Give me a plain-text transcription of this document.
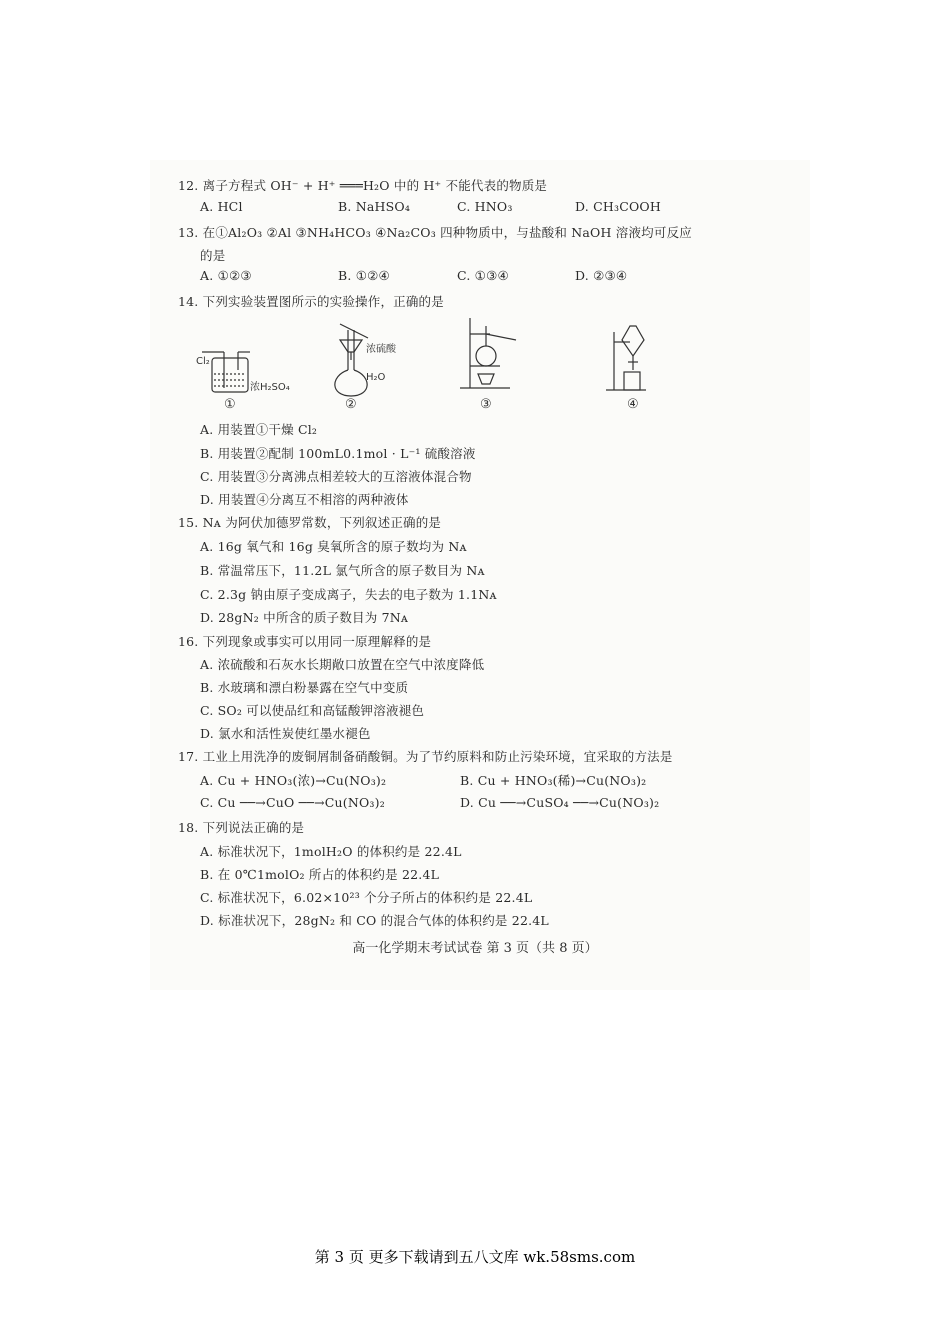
12. 离子方程式 OH⁻ + H⁺ ═══H₂O 中的 H⁺ 不能代表的物质是
A. HCl	B. NaHSO₄	C. HNO₃	D. CH₃COOH
13. 在①Al₂O₃ ②Al ③NH₄HCO₃ ④Na₂CO₃ 四种物质中，与盐酸和 NaOH 溶液均可反应
的是
A. ①②③	B. ①②④	C. ①③④	D. ②③④
14. 下列实验装置图所示的实验操作，正确的是
Cl₂
浓H₂SO₄
①
浓硫酸
H₂O
②	③	④
A. 用装置①干燥 Cl₂
B. 用装置②配制 100mL0.1mol · L⁻¹ 硫酸溶液
C. 用装置③分离沸点相差较大的互溶液体混合物
D. 用装置④分离互不相溶的两种液体
15. Nᴀ 为阿伏加德罗常数，下列叙述正确的是
A. 16g 氧气和 16g 臭氧所含的原子数均为 Nᴀ
B. 常温常压下，11.2L 氯气所含的原子数目为 Nᴀ
C. 2.3g 钠由原子变成离子，失去的电子数为 1.1Nᴀ
D. 28gN₂ 中所含的质子数目为 7Nᴀ
16. 下列现象或事实可以用同一原理解释的是
A. 浓硫酸和石灰水长期敞口放置在空气中浓度降低
B. 水玻璃和漂白粉暴露在空气中变质
C. SO₂ 可以使品红和高锰酸钾溶液褪色
D. 氯水和活性炭使红墨水褪色
17. 工业上用洗净的废铜屑制备硝酸铜。为了节约原料和防止污染环境，宜采取的方法是
A. Cu + HNO₃(浓)→Cu(NO₃)₂	B. Cu + HNO₃(稀)→Cu(NO₃)₂
C. Cu ──→CuO ──→Cu(NO₃)₂	D. Cu ──→CuSO₄ ──→Cu(NO₃)₂
18. 下列说法正确的是
A. 标准状况下，1molH₂O 的体积约是 22.4L
B. 在 0℃1molO₂ 所占的体积约是 22.4L
C. 标准状况下，6.02×10²³ 个分子所占的体积约是 22.4L
D. 标准状况下，28gN₂ 和 CO 的混合气体的体积约是 22.4L
高一化学期末考试试卷 第 3 页（共 8 页）
第 3 页 更多下载请到五八文库 wk.58sms.com
